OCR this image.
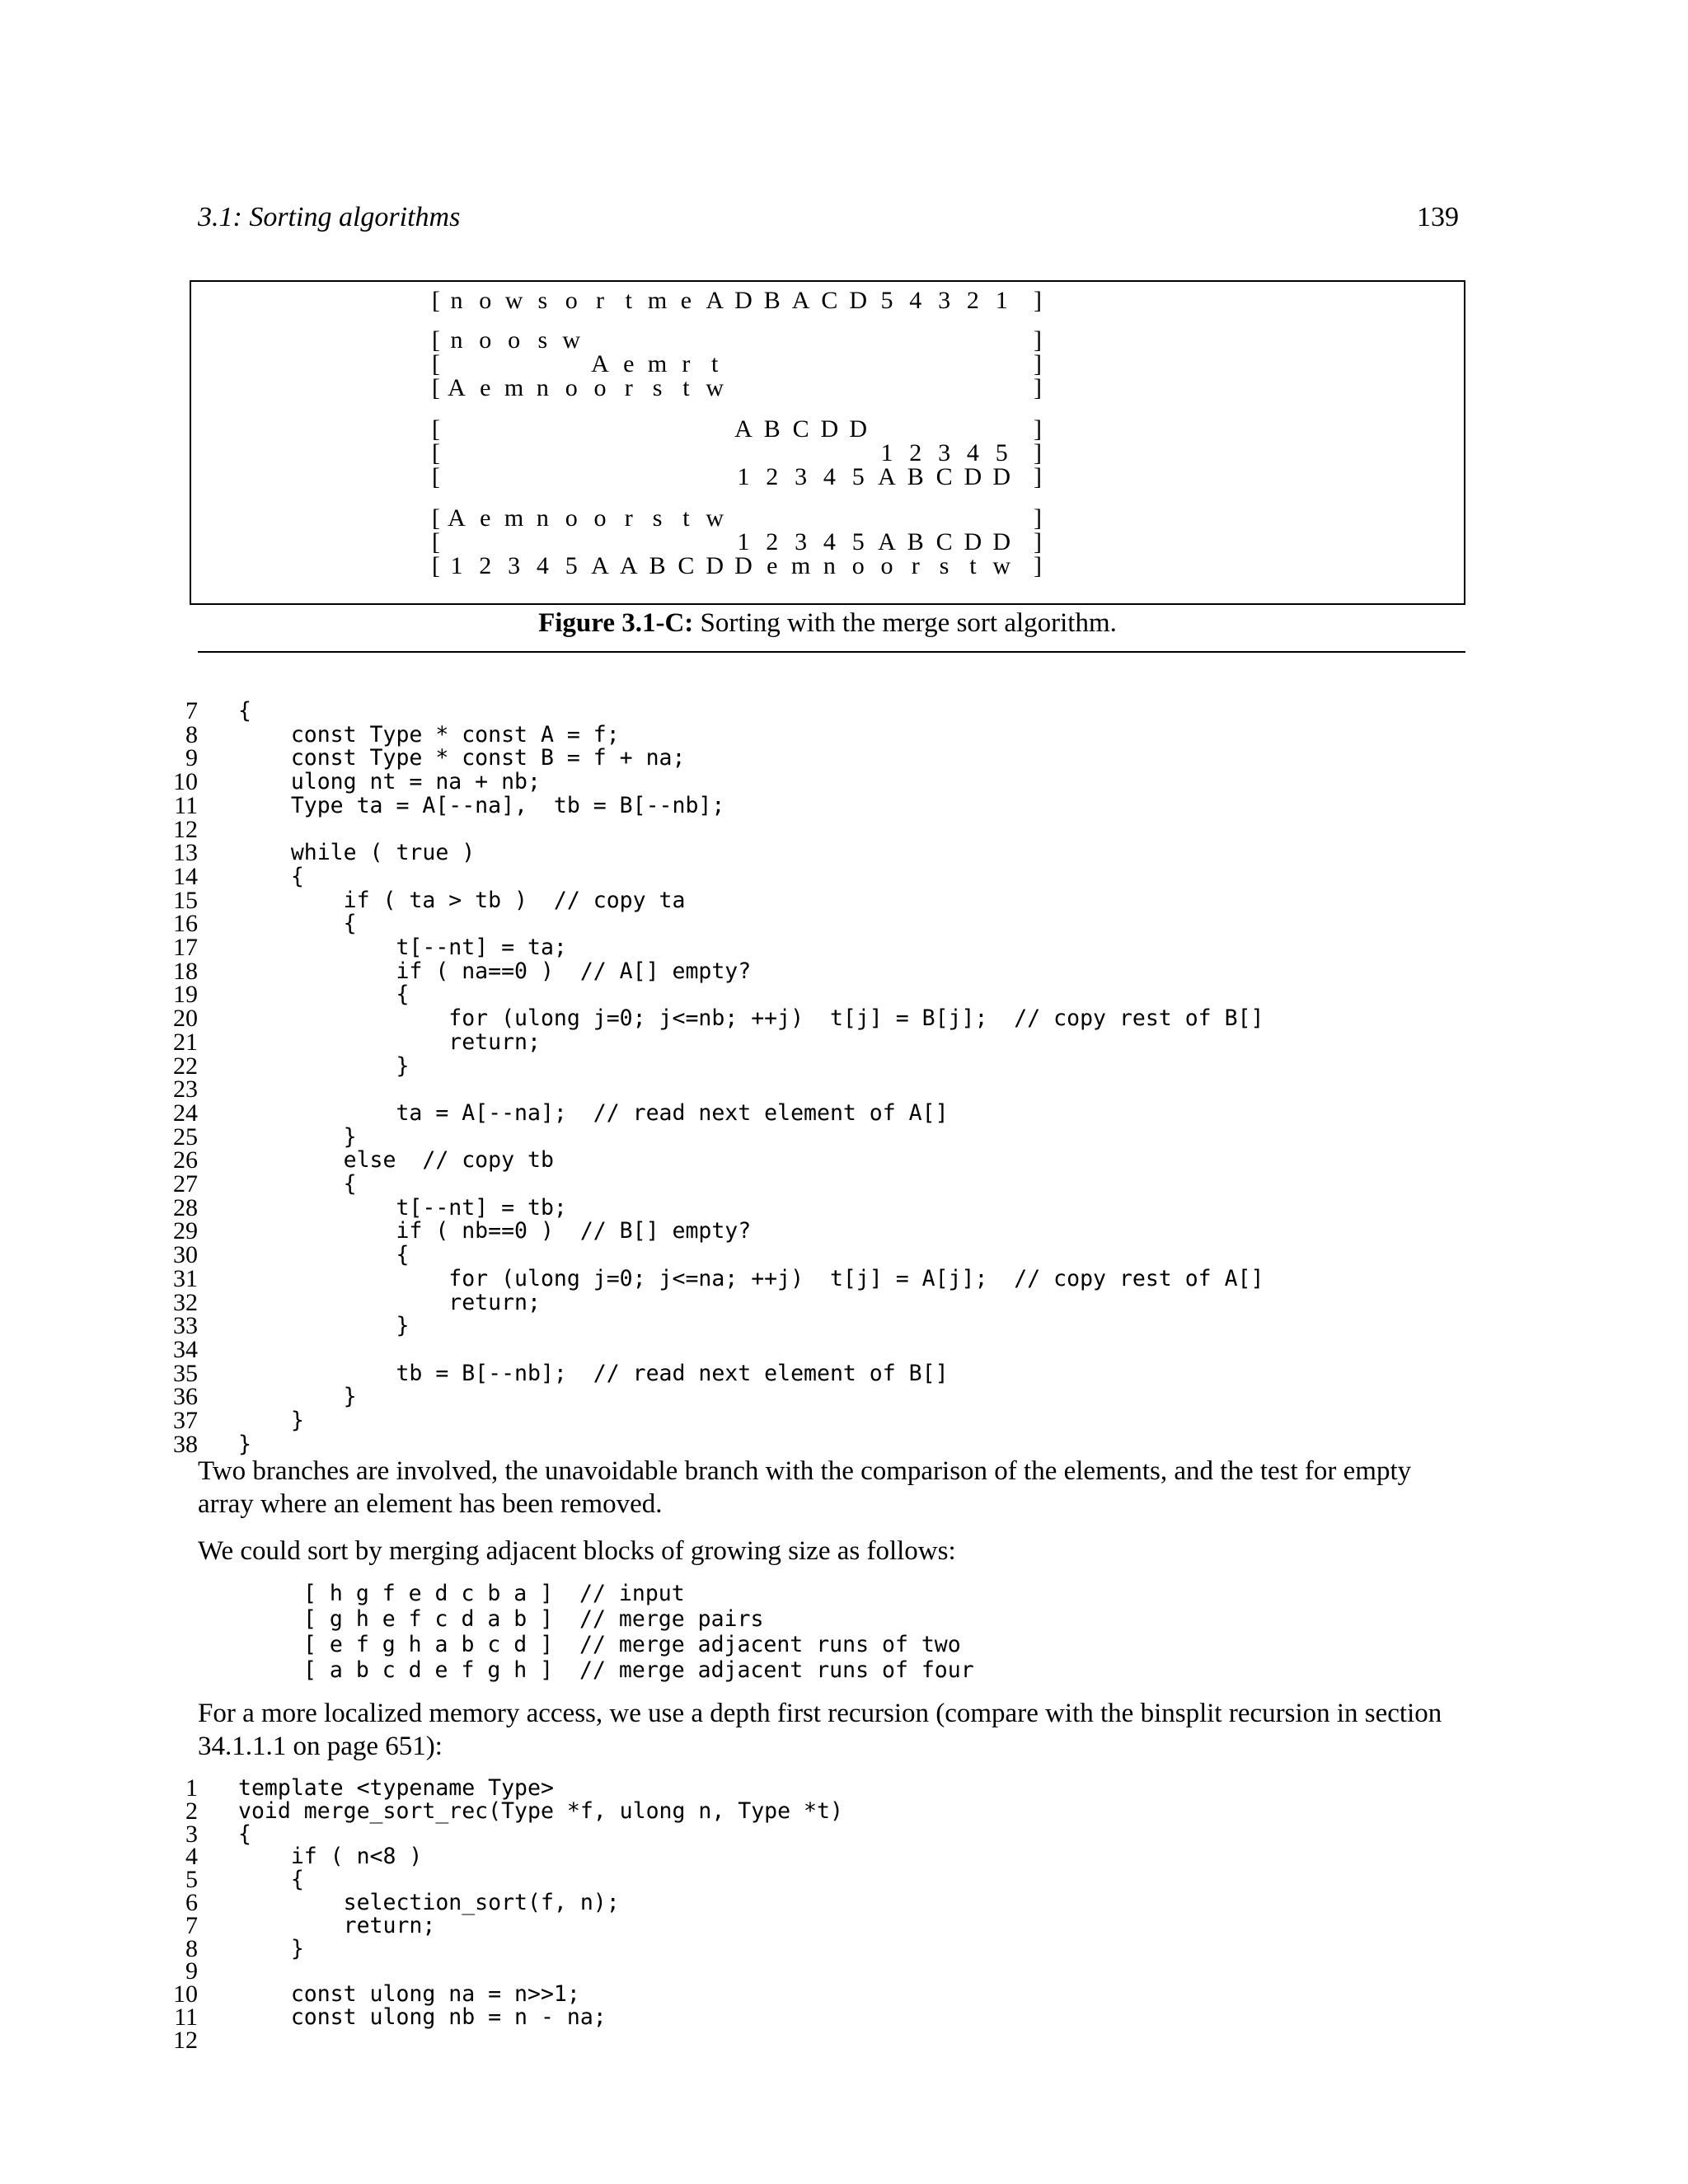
3.1: Sorting algorithms	139
[ n o w s o r t m e A D B A C D 5 4 3 2 1	]
[ n o o s w	]
[	A e m r t	]
[ A e m n o o r s t w	]
[	A B C D D	]
[	1 2 3 4 5	]
[	1 2 3 4 5 A B C D D ]
[ A e m n o o r s t w	]
[	1 2 3 4 5 A B C D D ]
[ 1 2 3 4 5 A A B C D D e m n o o r s t w ]
Figure 3.1-C: Sorting with the merge sort algorithm.
7 {
8 const Type * const A = f;
9 const Type * const B = f + na;
10 ulong nt = na + nb;
11 Type ta = A[--na],  tb = B[--nb];
12
13 while ( true )
14 {
15 if ( ta > tb )  // copy ta
16 {
17 t[--nt] = ta;
18 if ( na==0 )  // A[] empty?
19 {
20 for (ulong j=0; j<=nb; ++j)  t[j] = B[j];  // copy rest of B[]
21 return;
22 }
23
24 ta = A[--na];  // read next element of A[]
25 }
26 else  // copy tb
27 {
28 t[--nt] = tb;
29 if ( nb==0 )  // B[] empty?
30 {
31 for (ulong j=0; j<=na; ++j)  t[j] = A[j];  // copy rest of A[]
32 return;
33 }
34
35 tb = B[--nb];  // read next element of B[]
36 }
37 }
38 }
Two branches are involved, the unavoidable branch with the comparison of the elements, and the test for empty array where an element has been removed.
We could sort by merging adjacent blocks of growing size as follows:
[ h g f e d c b a ]  // input
[ g h e f c d a b ]  // merge pairs
[ e f g h a b c d ]  // merge adjacent runs of two
[ a b c d e f g h ]  // merge adjacent runs of four
For a more localized memory access, we use a depth first recursion (compare with the binsplit recursion in section 34.1.1.1 on page 651):
1 template <typename Type>
2 void merge_sort_rec(Type *f, ulong n, Type *t)
3 {
4 if ( n<8 )
5 {
6 selection_sort(f, n);
7 return;
8 }
9
10 const ulong na = n>>1;
11 const ulong nb = n - na;
12
